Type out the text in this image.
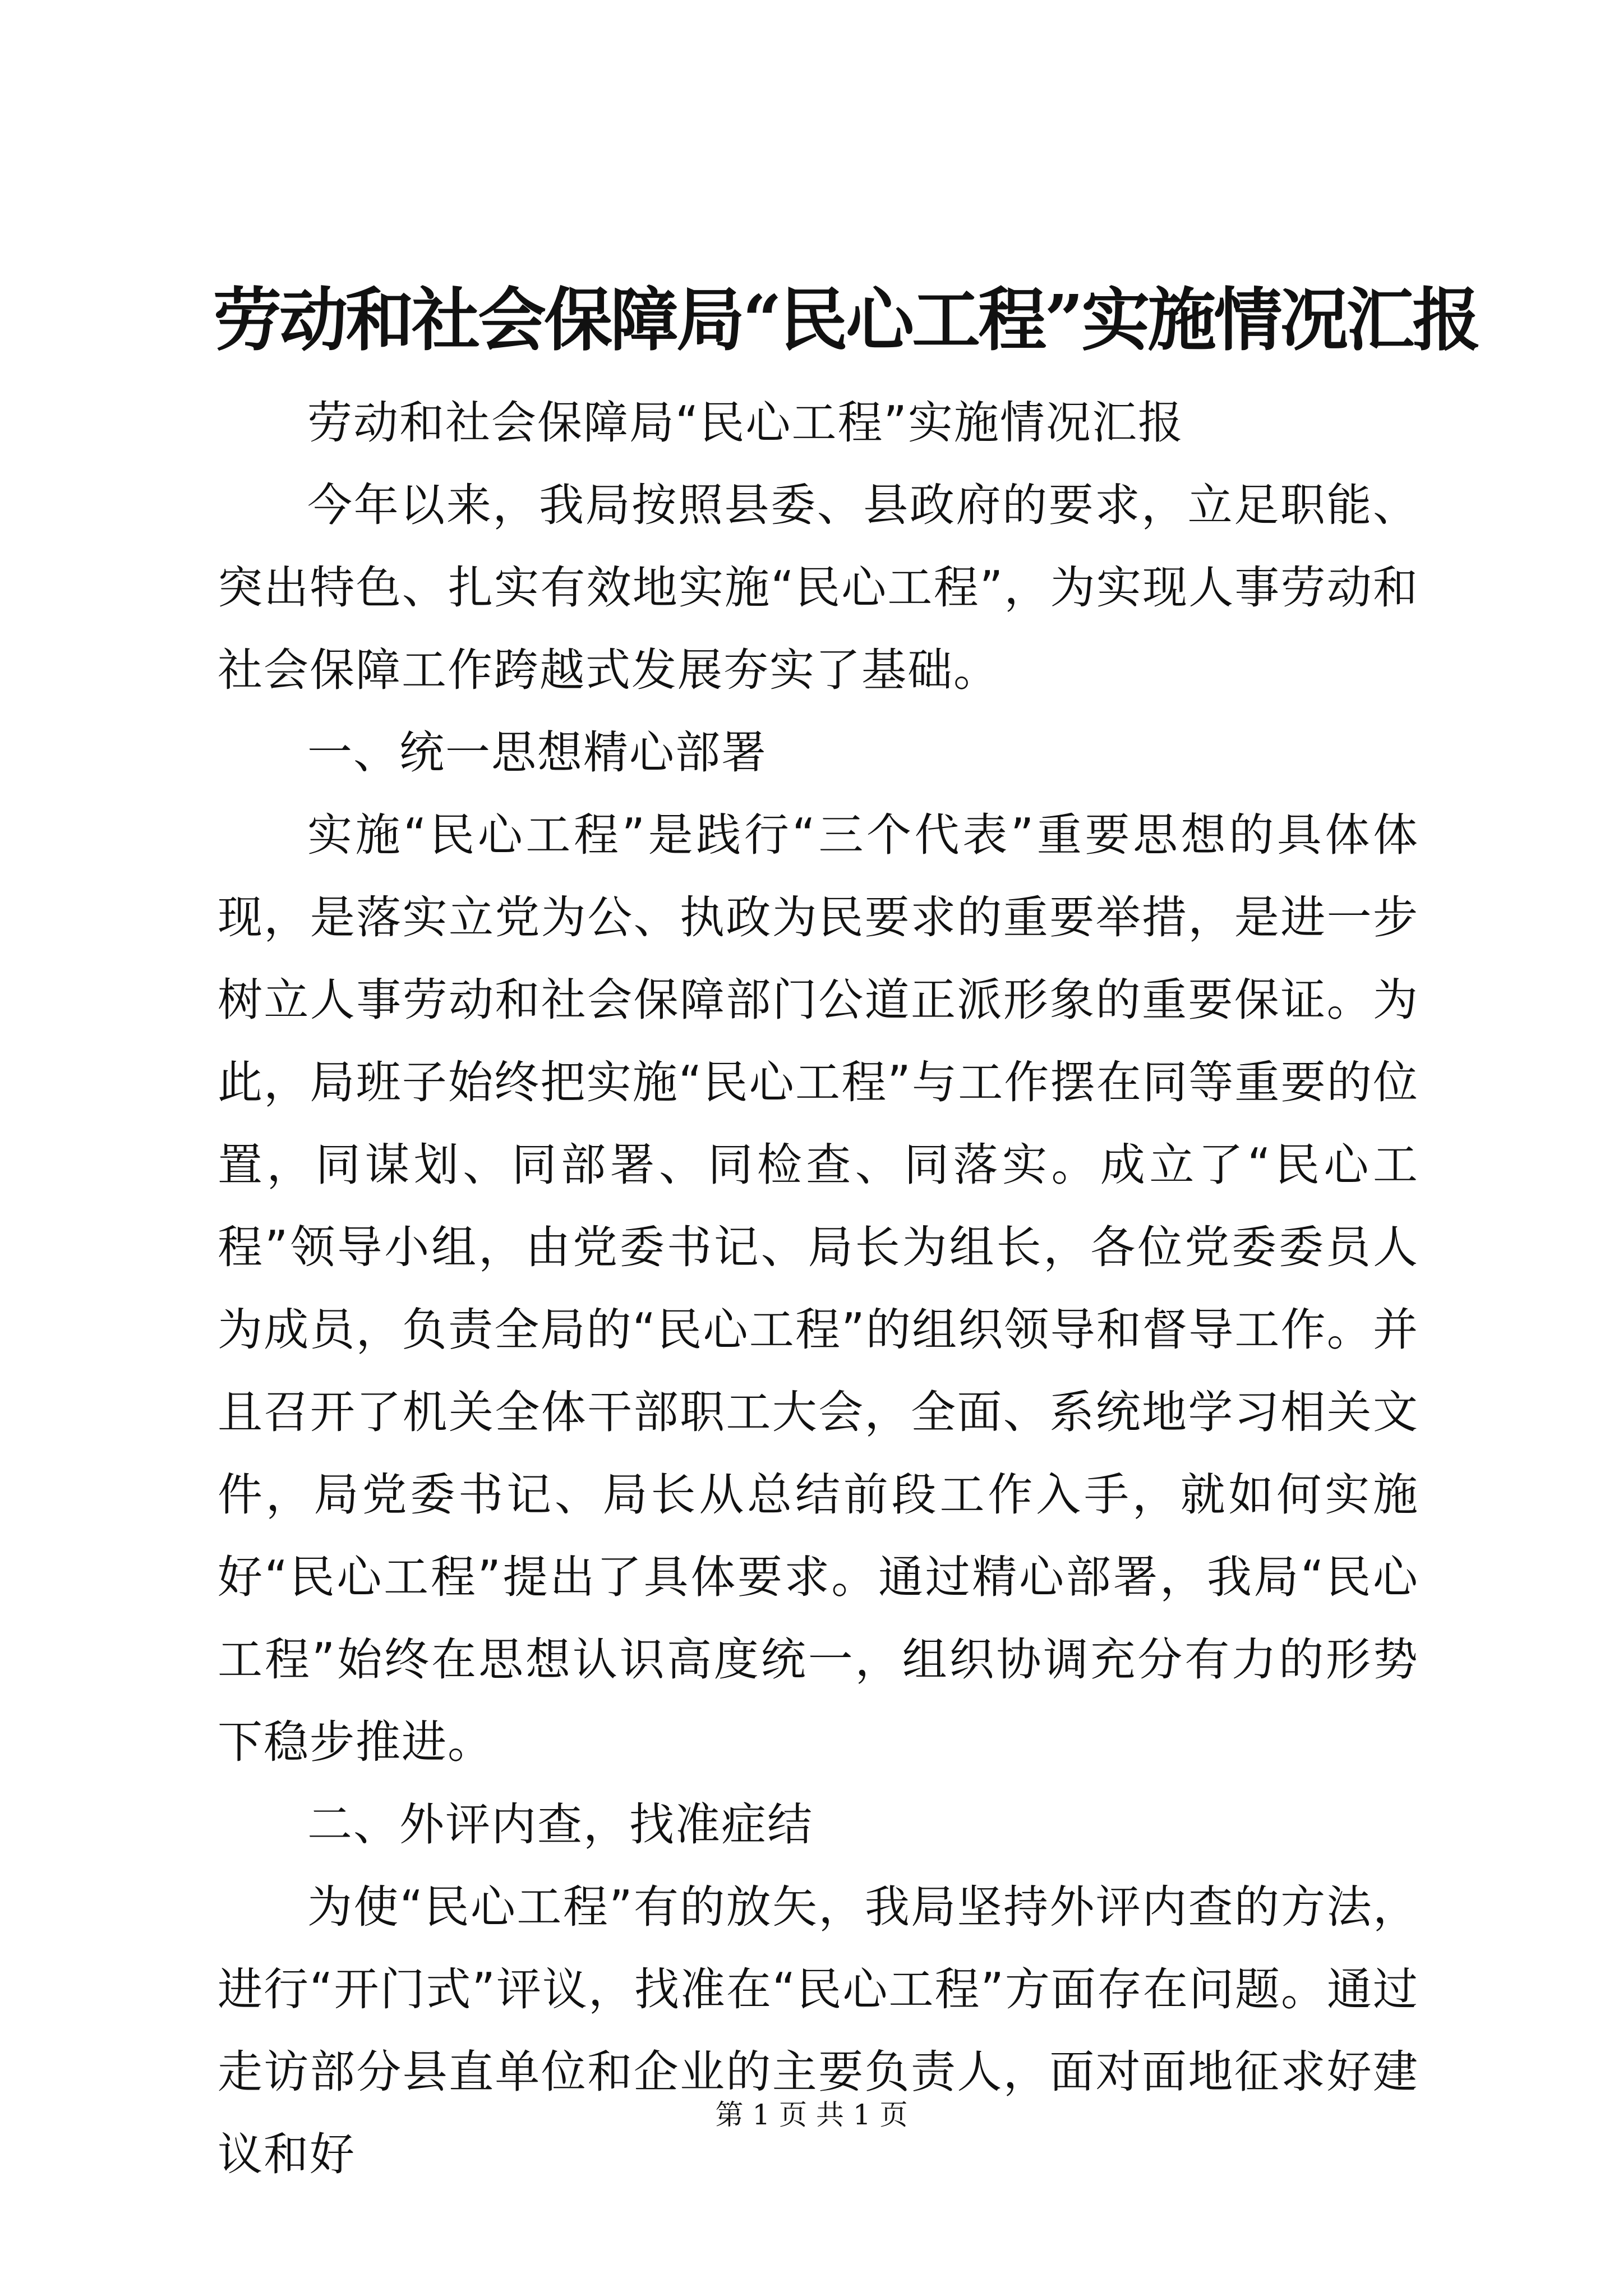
劳动和社会保障局“民心工程”实施情况汇报

劳动和社会保障局“民心工程”实施情况汇报

今年以来，我局按照县委、县政府的要求，立足职能、突出特色、扎实有效地实施“民心工程”，为实现人事劳动和社会保障工作跨越式发展夯实了基础。

一、统一思想精心部署

实施“民心工程”是践行“三个代表”重要思想的具体体现，是落实立党为公、执政为民要求的重要举措，是进一步树立人事劳动和社会保障部门公道正派形象的重要保证。为此，局班子始终把实施“民心工程”与工作摆在同等重要的位置，同谋划、同部署、同检查、同落实。成立了“民心工程”领导小组，由党委书记、局长为组长，各位党委委员人为成员，负责全局的“民心工程”的组织领导和督导工作。并且召开了机关全体干部职工大会，全面、系统地学习相关文件，局党委书记、局长从总结前段工作入手，就如何实施好“民心工程”提出了具体要求。通过精心部署，我局“民心工程”始终在思想认识高度统一，组织协调充分有力的形势下稳步推进。

二、外评内查，找准症结

为使“民心工程”有的放矢，我局坚持外评内查的方法，进行“开门式”评议，找准在“民心工程”方面存在问题。通过走访部分县直单位和企业的主要负责人，面对面地征求好建议和好

第 1 页 共 1 页
